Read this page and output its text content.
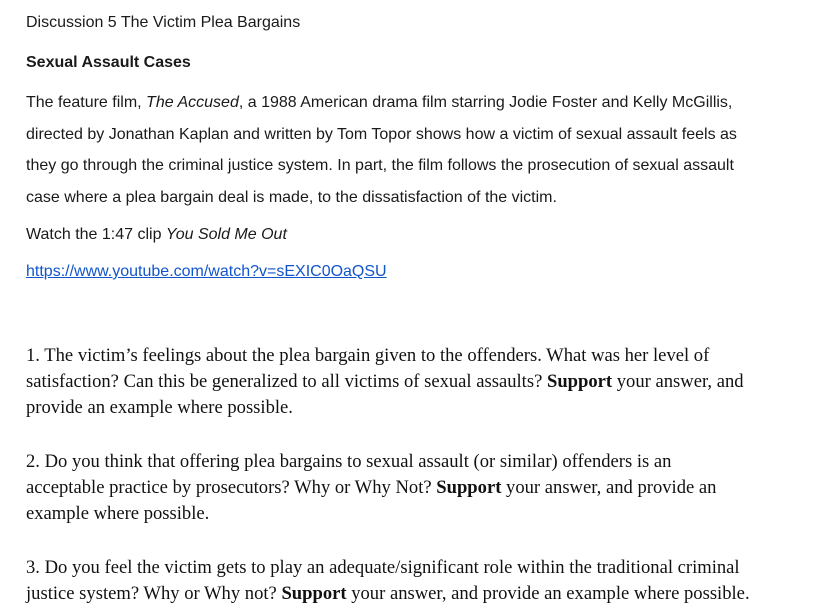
Discussion 5 The Victim Plea Bargains
Sexual Assault Cases
The feature film, The Accused, a 1988 American drama film starring Jodie Foster and Kelly McGillis,
directed by Jonathan Kaplan and written by Tom Topor shows how a victim of sexual assault feels as
they go through the criminal justice system. In part, the film follows the prosecution of sexual assault
case where a plea bargain deal is made, to the dissatisfaction of the victim.
Watch the 1:47 clip You Sold Me Out
https://www.youtube.com/watch?v=sEXIC0OaQSU
1. The victim’s feelings about the plea bargain given to the offenders. What was her level of
satisfaction? Can this be generalized to all victims of sexual assaults? Support your answer, and
provide an example where possible.
2. Do you think that offering plea bargains to sexual assault (or similar) offenders is an
acceptable practice by prosecutors? Why or Why Not? Support your answer, and provide an
example where possible.
3. Do you feel the victim gets to play an adequate/significant role within the traditional criminal
justice system? Why or Why not? Support your answer, and provide an example where possible.
